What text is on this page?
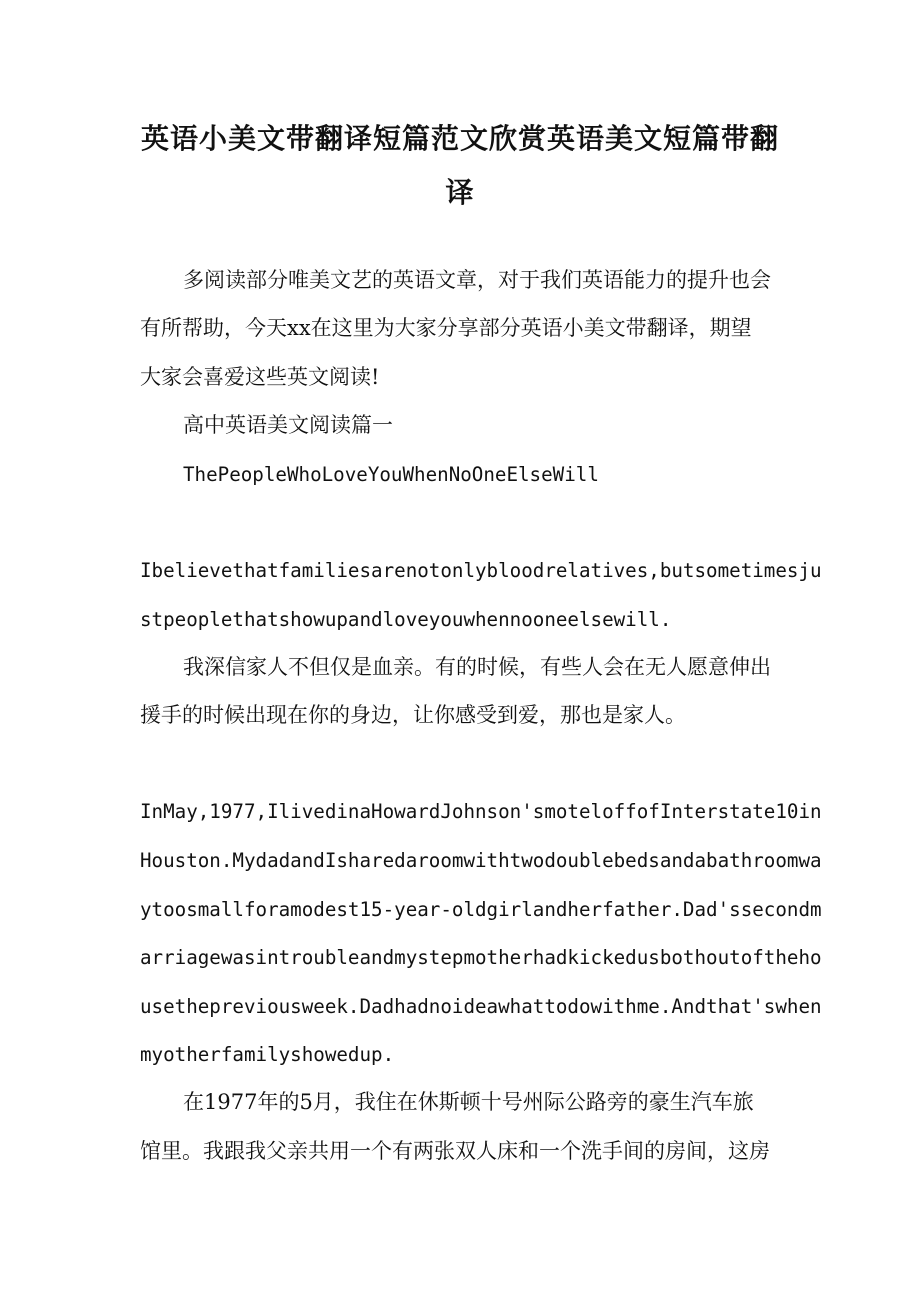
英语小美文带翻译短篇范文欣赏英语美文短篇带翻
译
多阅读部分唯美文艺的英语文章，对于我们英语能力的提升也会
有所帮助，今天xx在这里为大家分享部分英语小美文带翻译，期望
大家会喜爱这些英文阅读!
高中英语美文阅读篇一
ThePeopleWhoLoveYouWhenNoOneElseWill
Ibelievethatfamiliesarenotonlybloodrelatives,butsometimesju
stpeoplethatshowupandloveyouwhennooneelsewill.
我深信家人不但仅是血亲。有的时候，有些人会在无人愿意伸出
援手的时候出现在你的身边，让你感受到爱，那也是家人。
InMay,1977,IlivedinaHowardJohnson'smoteloffofInterstate10in
Houston.MydadandIsharedaroomwithtwodoublebedsandabathroomwa
ytoosmallforamodest15-year-oldgirlandherfather.Dad'ssecondm
arriagewasintroubleandmystepmotherhadkickedusbothoutoftheho
usethepreviousweek.Dadhadnoideawhattodowithme.Andthat'swhen
myotherfamilyshowedup.
在1977年的5月，我住在休斯顿十号州际公路旁的豪生汽车旅
馆里。我跟我父亲共用一个有两张双人床和一个洗手间的房间，这房
